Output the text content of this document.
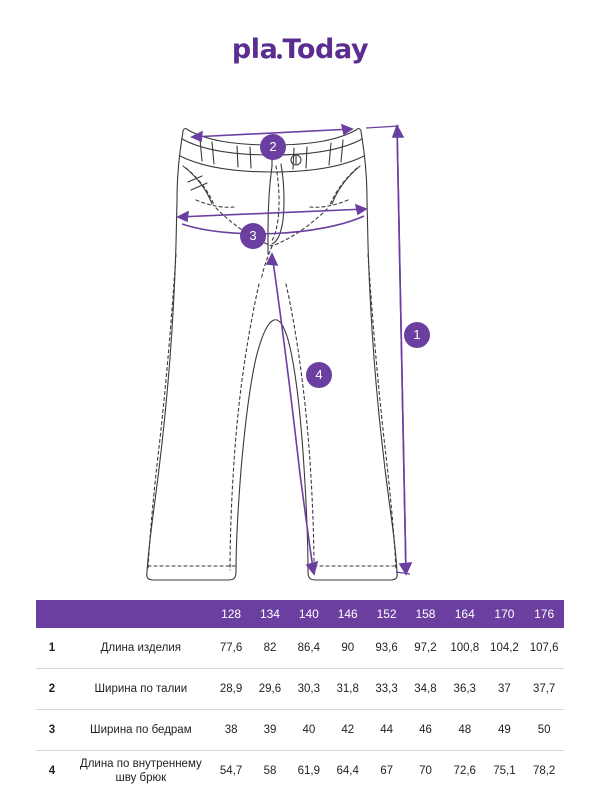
pla Today
2
3
1
4
		128	134	140	146	152	158	164	170	176
1	Длина изделия	77,6	82	86,4	90	93,6	97,2	100,8	104,2	107,6
2	Ширина по талии	28,9	29,6	30,3	31,8	33,3	34,8	36,3	37	37,7
3	Ширина по бедрам	38	39	40	42	44	46	48	49	50
4	Длина по внутреннему шву брюк	54,7	58	61,9	64,4	67	70	72,6	75,1	78,2
